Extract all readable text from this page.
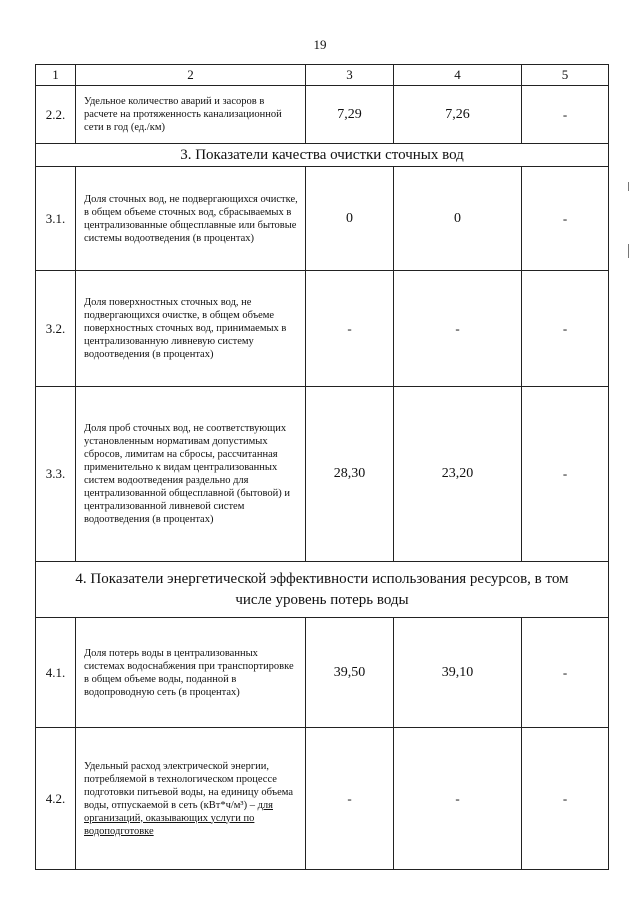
19
1	2	3	4	5
2.2.	Удельное количество аварий и засоров в расчете на протяженность канализационной сети в год (ед./км)	7,29	7,26	-
3. Показатели качества очистки сточных вод				
3.1.	Доля сточных вод, не подвергающихся очистке, в общем объеме сточных вод, сбрасываемых в централизованные общесплавные или бытовые системы водоотведения (в процентах)	0	0	-
3.2.	Доля поверхностных сточных вод, не подвергающихся очистке, в общем объеме поверхностных сточных вод, принимаемых в централизованную ливневую систему водоотведения (в процентах)	-	-	-
3.3.	Доля проб сточных вод, не соответствующих установленным нормативам допустимых сбросов, лимитам на сбросы, рассчитанная применительно к видам централизованных систем водоотведения раздельно для централизованной общесплавной (бытовой) и централизованной ливневой систем водоотведения (в процентах)	28,30	23,20	-

4. Показатели энергетической эффективности использования ресурсов, в том
числе уровень потерь воды				

4.1.	Доля потерь воды в централизованных системах водоснабжения при транспортировке в общем объеме воды, поданной в водопроводную сеть (в процентах)	39,50	39,10	-
4.2.	Удельный расход электрической энергии, потребляемой в технологическом процессе подготовки питьевой воды, на единицу объема воды, отпускаемой в сеть (кВт*ч/м³) – для организаций, оказывающих услуги по водоподготовке	-	-	-
